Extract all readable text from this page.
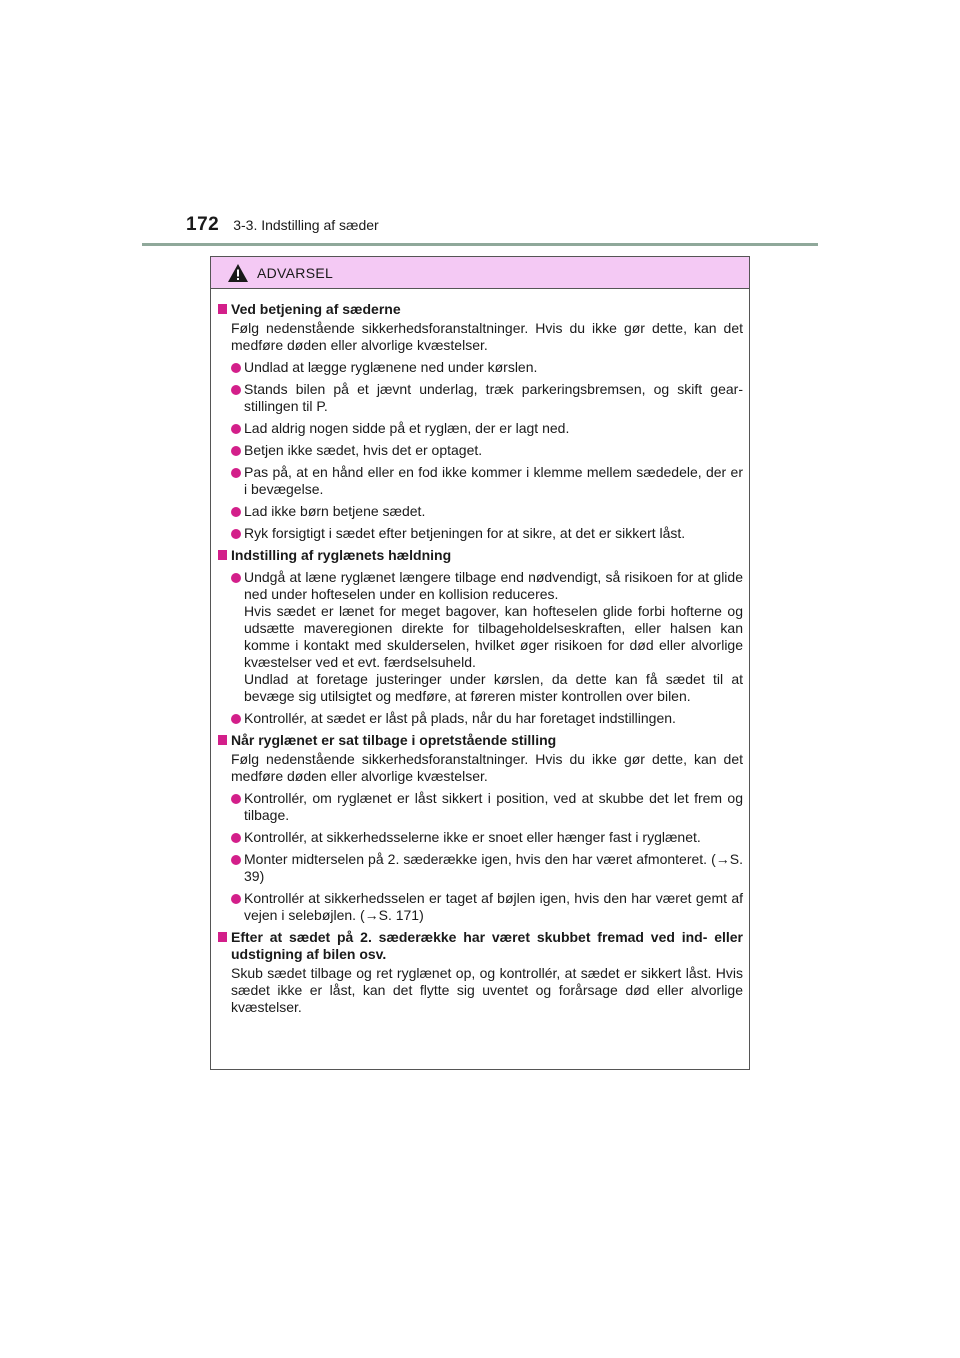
172 3-3. Indstilling af sæder
ADVARSEL
Ved betjening af sæderne
Følg nedenstående sikkerhedsforanstaltninger. Hvis du ikke gør dette, kan det medføre døden eller alvorlige kvæstelser.

Undlad at lægge ryglænene ned under kørslen.

Stands bilen på et jævnt underlag, træk parkeringsbremsen, og skift gear-stillingen til P.

Lad aldrig nogen sidde på et ryglæn, der er lagt ned.

Betjen ikke sædet, hvis det er optaget.

Pas på, at en hånd eller en fod ikke kommer i klemme mellem sædedele, der er i bevægelse.

Lad ikke børn betjene sædet.

Ryk forsigtigt i sædet efter betjeningen for at sikre, at det er sikkert låst.

Indstilling af ryglænets hældning

Undgå at læne ryglænet længere tilbage end nødvendigt, så risikoen for at glide ned under hofteselen under en kollision reduceres.

Hvis sædet er lænet for meget bagover, kan hofteselen glide forbi hofterne og udsætte maveregionen direkte for tilbageholdelseskraften, eller halsen kan komme i kontakt med skulderselen, hvilket øger risikoen for død eller alvorlige kvæstelser ved et evt. færdselsuheld.

Undlad at foretage justeringer under kørslen, da dette kan få sædet til at bevæge sig utilsigtet og medføre, at føreren mister kontrollen over bilen.

Kontrollér, at sædet er låst på plads, når du har foretaget indstillingen.

Når ryglænet er sat tilbage i opretstående stilling
Følg nedenstående sikkerhedsforanstaltninger. Hvis du ikke gør dette, kan det medføre døden eller alvorlige kvæstelser.

Kontrollér, om ryglænet er låst sikkert i position, ved at skubbe det let frem og tilbage.

Kontrollér, at sikkerhedsselerne ikke er snoet eller hænger fast i ryglænet.

Monter midterselen på 2. sæderække igen, hvis den har været afmonteret. (→S. 39)

Kontrollér at sikkerhedsselen er taget af bøjlen igen, hvis den har været gemt af vejen i selebøjlen. (→S. 171)

Efter at sædet på 2. sæderække har været skubbet fremad ved ind- eller udstigning af bilen osv.
Skub sædet tilbage og ret ryglænet op, og kontrollér, at sædet er sikkert låst. Hvis sædet ikke er låst, kan det flytte sig uventet og forårsage død eller alvorlige kvæstelser.
